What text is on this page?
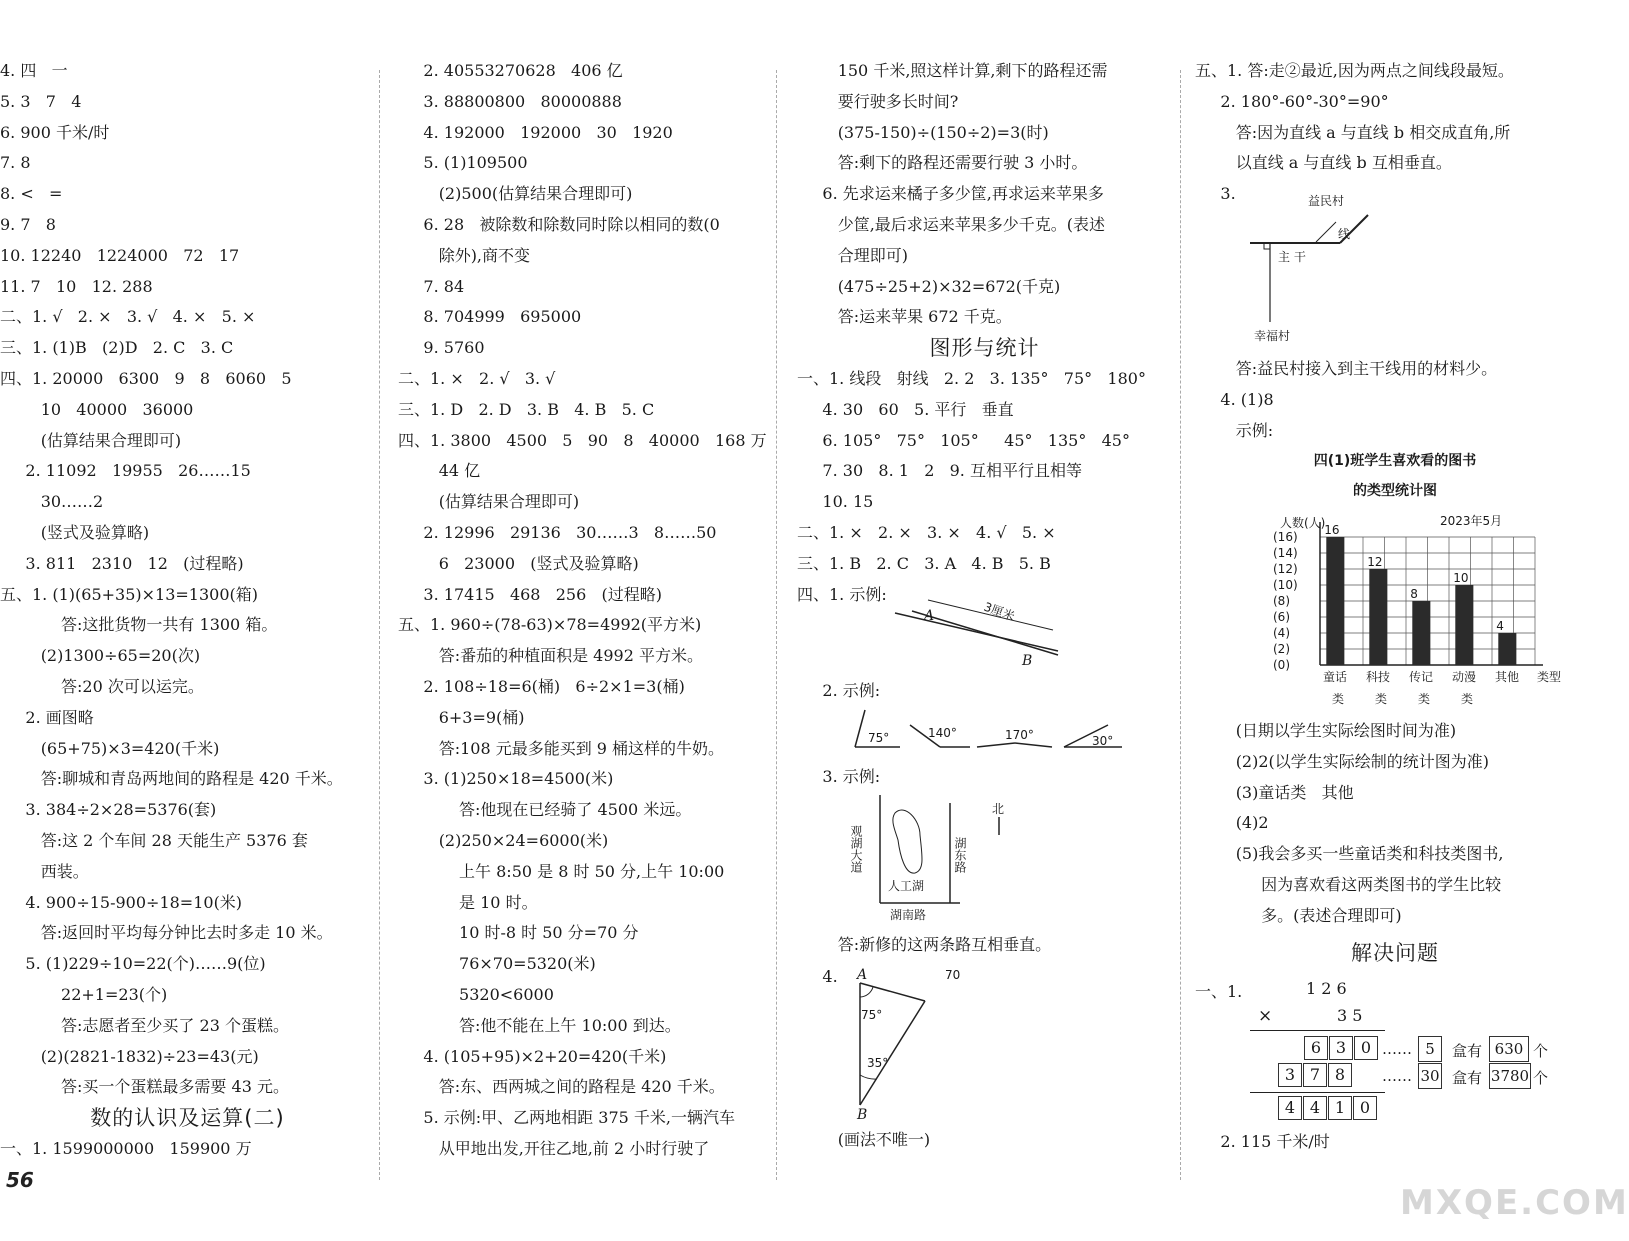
4. 四   一
5. 3   7   4
6. 900 千米/时
7. 8
8. <   =
9. 7   8
10. 12240   1224000   72   17
11. 7   10   12. 288
二、1. √   2. ×   3. √   4. ×   5. ×
三、1. (1)B   (2)D   2. C   3. C
四、1. 20000   6300   9   8   6060   5
10   40000   36000
(估算结果合理即可)
2. 11092   19955   26……15
30……2
(竖式及验算略)
3. 811   2310   12   (过程略)
五、1. (1)(65+35)×13=1300(箱)
答:这批货物一共有 1300 箱。
(2)1300÷65=20(次)
答:20 次可以运完。
2. 画图略
(65+75)×3=420(千米)
答:聊城和青岛两地间的路程是 420 千米。
3. 384÷2×28=5376(套)
答:这 2 个车间 28 天能生产 5376 套
西装。
4. 900÷15-900÷18=10(米)
答:返回时平均每分钟比去时多走 10 米。
5. (1)229÷10=22(个)……9(位)
22+1=23(个)
答:志愿者至少买了 23 个蛋糕。
(2)(2821-1832)÷23=43(元)
答:买一个蛋糕最多需要 43 元。
数的认识及运算(二)
一、1. 1599000000   159900 万
2. 40553270628   406 亿
3. 88800800   80000888
4. 192000   192000   30   1920
5. (1)109500
(2)500(估算结果合理即可)
6. 28   被除数和除数同时除以相同的数(0
除外),商不变
7. 84
8. 704999   695000
9. 5760
二、1. ×   2. √   3. √
三、1. D   2. D   3. B   4. B   5. C
四、1. 3800   4500   5   90   8   40000   168 万
44 亿
(估算结果合理即可)
2. 12996   29136   30……3   8……50
6   23000   (竖式及验算略)
3. 17415   468   256   (过程略)
五、1. 960÷(78-63)×78=4992(平方米)
答:番茄的种植面积是 4992 平方米。
2. 108÷18=6(桶)   6÷2×1=3(桶)
6+3=9(桶)
答:108 元最多能买到 9 桶这样的牛奶。
3. (1)250×18=4500(米)
答:他现在已经骑了 4500 米远。
(2)250×24=6000(米)
上午 8:50 是 8 时 50 分,上午 10:00
是 10 时。
10 时-8 时 50 分=70 分
76×70=5320(米)
5320<6000
答:他不能在上午 10:00 到达。
4. (105+95)×2+20=420(千米)
答:东、西两城之间的路程是 420 千米。
5. 示例:甲、乙两地相距 375 千米,一辆汽车
从甲地出发,开往乙地,前 2 小时行驶了
150 千米,照这样计算,剩下的路程还需
要行驶多长时间?
(375-150)÷(150÷2)=3(时)
答:剩下的路程还需要行驶 3 小时。
6. 先求运来橘子多少筐,再求运来苹果多
少筐,最后求运来苹果多少千克。(表述
合理即可)
(475÷25+2)×32=672(千克)
答:运来苹果 672 千克。
图形与统计
一、1. 线段   射线   2. 2   3. 135°   75°   180°
4. 30   60   5. 平行   垂直
6. 105°   75°   105°     45°   135°   45°
7. 30   8. 1   2   9. 互相平行且相等
10. 15
二、1. ×   2. ×   3. ×   4. √   5. ×
三、1. B   2. C   3. A   4. B   5. B
四、1. 示例:
五、1. 答:走②最近,因为两点之间线段最短。
2. 180°-60°-30°=90°
答:因为直线 a 与直线 b 相交成直角,所
以直线 a 与直线 b 互相垂直。
3.
A
B
3厘米
2. 示例:
75°	140°	170°	30°
3. 示例:
观湖大道	湖东路
湖南路
人工湖
北
答:新修的这两条路互相垂直。
4.	A
B
75°
35°
70
(画法不唯一)
益民村
线
主 干
幸福村
答:益民村接入到主干线用的材料少。
4. (1)8
示例:
四(1)班学生喜欢看的图书
的类型统计图
(16)
(14)
(12)
(10)
(8)
(6)
(4)
(2)
(0)
人数(人)	2023年5月
16
童话
类
12
科技
类
8
传记
类
10
动漫
类
4
其他 类型
(日期以学生实际绘图时间为准)
(2)2(以学生实际绘制的统计图为准)
(3)童话类   其他
(4)2
(5)我会多买一些童话类和科技类图书,
因为喜欢看这两类图书的学生比较
多。(表述合理即可)
解决问题
一、1.	1 2 6
×	3 5
2. 115 千米/时
56
MXQE.COM
6 3 0 …… 5	盒有 630 个
3 7 8	…… 30 盒有 3780 个
4 4 1 0
